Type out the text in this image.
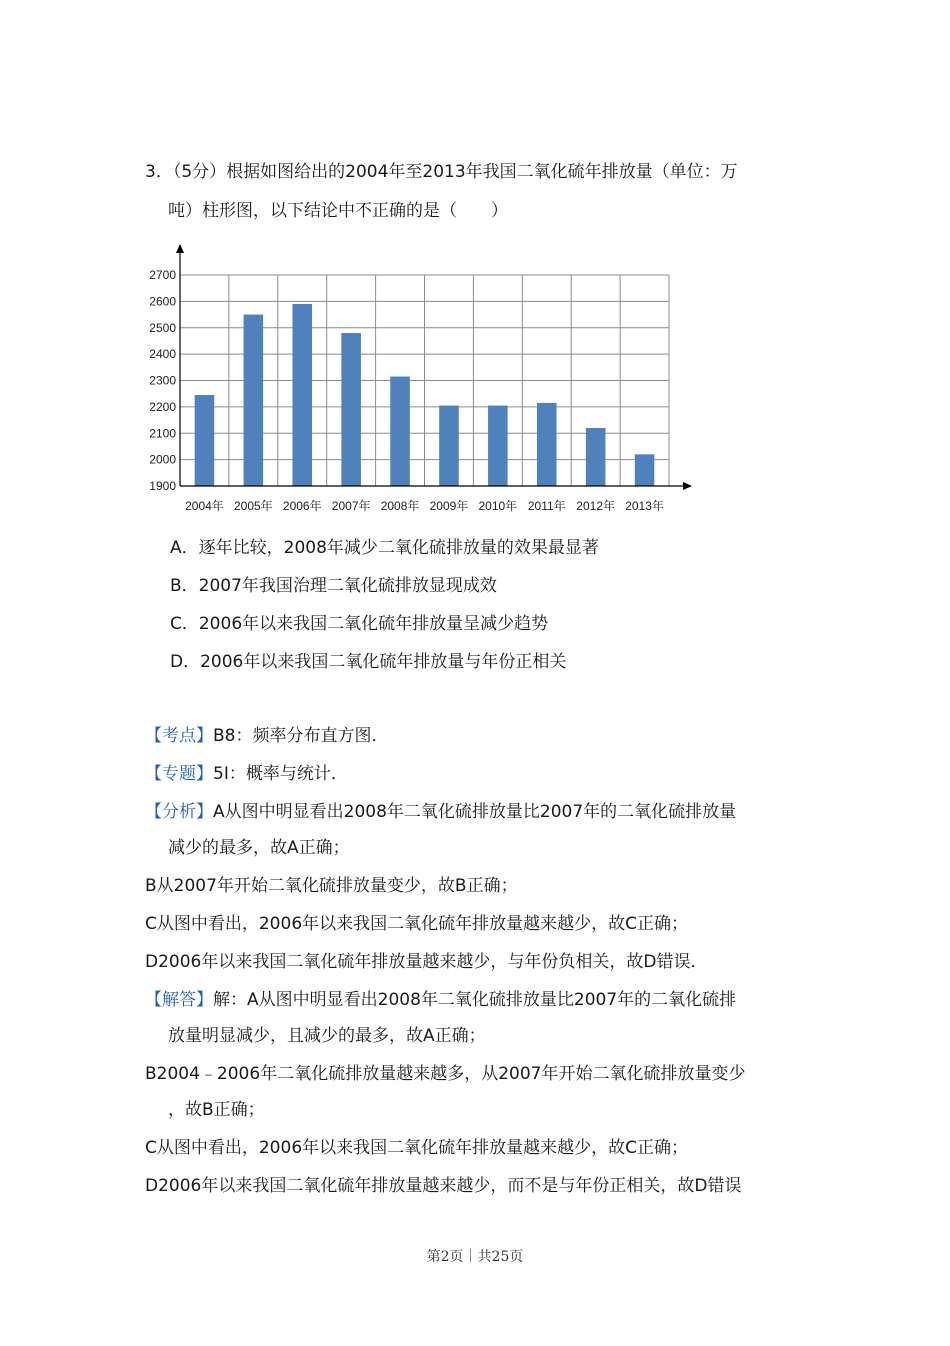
3．（5分）根据如图给出的2004年至2013年我国二氧化硫年排放量（单位：万
吨）柱形图，以下结论中不正确的是（　　）
1900
2000
2100
2200
2300
2400
2500
2600
2700
2004年 2005年 2006年 2007年 2008年 2009年 2010年 2011年 2012年 2013年
A．逐年比较，2008年减少二氧化硫排放量的效果最显著
B．2007年我国治理二氧化硫排放显现成效
C．2006年以来我国二氧化硫年排放量呈减少趋势
D．2006年以来我国二氧化硫年排放量与年份正相关
【考点】B8：频率分布直方图．
【专题】5I：概率与统计．
【分析】A从图中明显看出2008年二氧化硫排放量比2007年的二氧化硫排放量
减少的最多，故A正确；
B从2007年开始二氧化硫排放量变少，故B正确；
C从图中看出，2006年以来我国二氧化硫年排放量越来越少，故C正确；
D2006年以来我国二氧化硫年排放量越来越少，与年份负相关，故D错误．
【解答】解：A从图中明显看出2008年二氧化硫排放量比2007年的二氧化硫排
放量明显减少，且减少的最多，故A正确；
B2004﹣2006年二氧化硫排放量越来越多，从2007年开始二氧化硫排放量变少
，故B正确；
C从图中看出，2006年以来我国二氧化硫年排放量越来越少，故C正确；
D2006年以来我国二氧化硫年排放量越来越少，而不是与年份正相关，故D错误
第2页｜共25页
